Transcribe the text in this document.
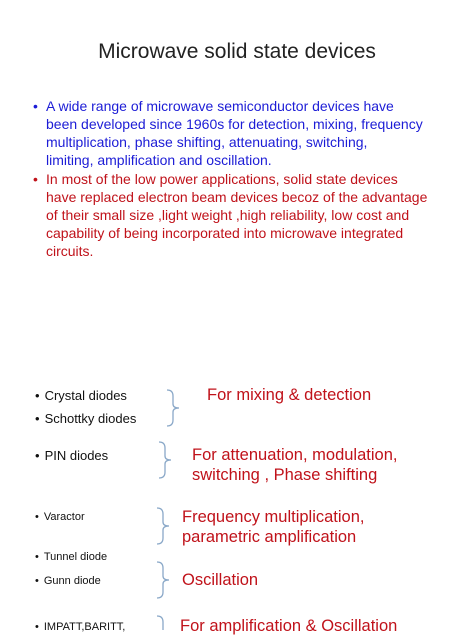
Microwave solid state devices
• A wide range of microwave semiconductor devices have
been developed since 1960s for detection, mixing, frequency
multiplication, phase shifting, attenuating, switching,
limiting, amplification and oscillation.
• In most of the low power applications, solid state devices
have replaced electron beam devices becoz of the advantage
of their small size ,light weight ,high reliability, low cost and
capability of being incorporated into microwave integrated
circuits.
• Crystal diodes
• Schottky diodes
• PIN diodes
• Varactor
• Tunnel diode
• Gunn diode
• IMPATT,BARITT,
For mixing & detection
For attenuation, modulation,
switching , Phase shifting
Frequency multiplication,
parametric amplification
Oscillation
For amplification & Oscillation
